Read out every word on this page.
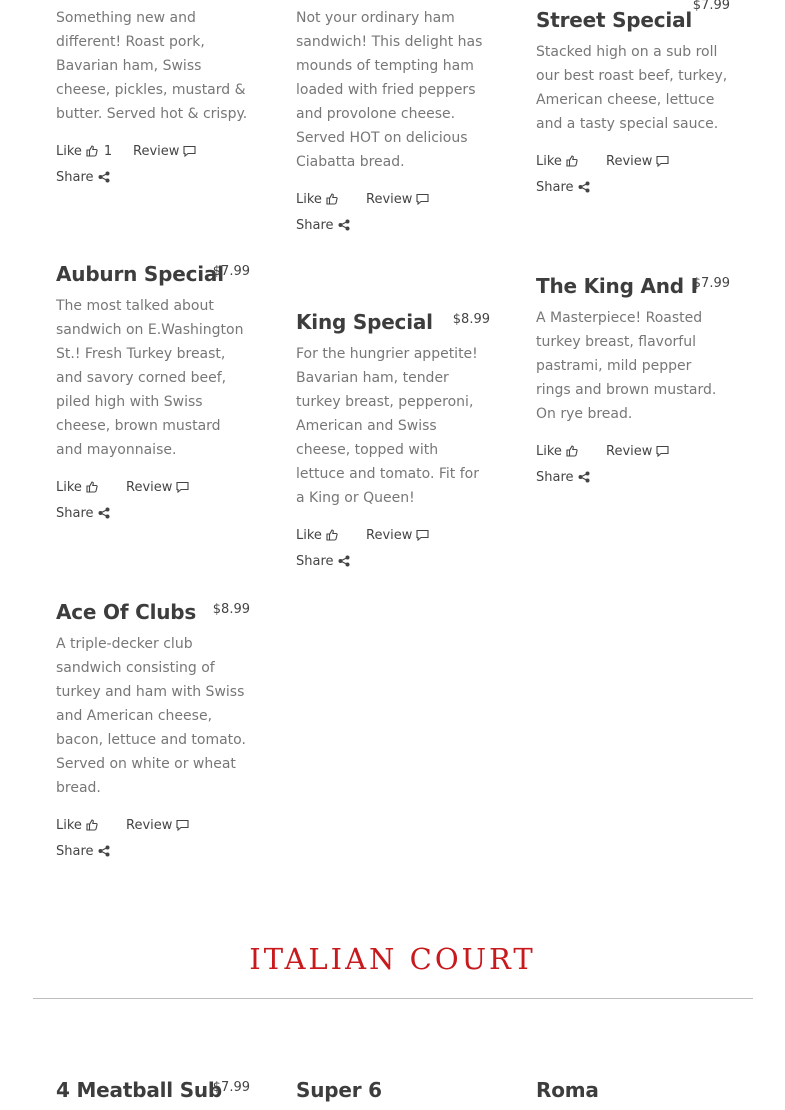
Something new and different! Roast pork, Bavarian ham, Swiss cheese, pickles, mustard & butter. Served hot & crispy.

Like 1 Review
Share

Not your ordinary ham sandwich! This delight has mounds of tempting ham loaded with fried peppers and provolone cheese. Served HOT on delicious Ciabatta bread.

Like	Review
Share
Street Special
$7.99

Stacked high on a sub roll our best roast beef, turkey, American cheese, lettuce and a tasty special sauce.

Like	Review
Share
Auburn Special
$7.99

The most talked about sandwich on E.Washington St.! Fresh Turkey breast, and savory corned beef, piled high with Swiss cheese, brown mustard and mayonnaise.

Like	Review
Share
King Special $8.99

For the hungrier appetite! Bavarian ham, tender turkey breast, pepperoni, American and Swiss cheese, topped with lettuce and tomato. Fit for a King or Queen!

Like	Review
Share
The King And I
$7.99

A Masterpiece! Roasted turkey breast, flavorful pastrami, mild pepper rings and brown mustard. On rye bread.

Like	Review
Share
Ace Of Clubs $8.99

A triple-decker club sandwich consisting of turkey and ham with Swiss and American cheese, bacon, lettuce and tomato. Served on white or wheat bread.

Like	Review
Share
ITALIAN COURT
4 Meatball Sub
$7.99 Super 6	Roma
